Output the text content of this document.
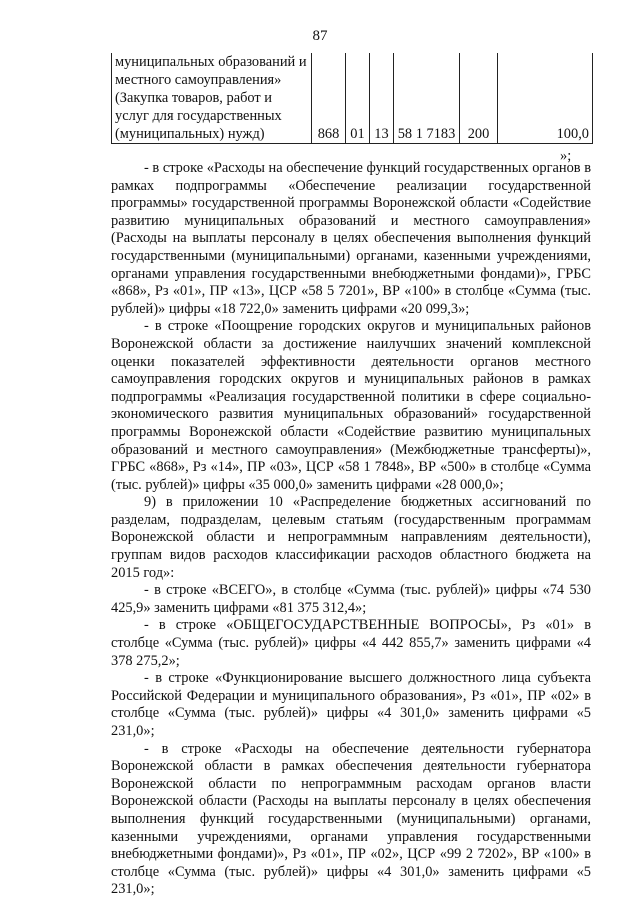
87
муниципальных образований и местного самоуправления» (Закупка товаров, работ и услуг для государственных (муниципальных) нужд)	868	01	13	58 1 7183	200	100,0
»;

- в строке «Расходы на обеспечение функций государственных органов в рамках подпрограммы «Обеспечение реализации государственной программы» государственной программы Воронежской области «Содействие развитию муниципальных образований и местного самоуправления» (Расходы на выплаты персоналу в целях обеспечения выполнения функций государственными (муниципальными) органами, казенными учреждениями, органами управления государственными внебюджетными фондами)», ГРБС «868», Рз «01», ПР «13», ЦСР «58 5 7201», ВР «100» в столбце «Сумма (тыс. рублей)» цифры «18 722,0» заменить цифрами «20 099,3»;

- в строке «Поощрение городских округов и муниципальных районов Воронежской области за достижение наилучших значений комплексной оценки показателей эффективности деятельности органов местного самоуправления городских округов и муниципальных районов в рамках подпрограммы «Реализация государственной политики в сфере социально-экономического развития муниципальных образований» государственной программы Воронежской области «Содействие развитию муниципальных образований и местного самоуправления» (Межбюджетные трансферты)», ГРБС «868», Рз «14», ПР «03», ЦСР «58 1 7848», ВР «500» в столбце «Сумма (тыс. рублей)» цифры «35 000,0» заменить цифрами «28 000,0»;

9) в приложении 10 «Распределение бюджетных ассигнований по разделам, подразделам, целевым статьям (государственным программам Воронежской области и непрограммным направлениям деятельности), группам видов расходов классификации расходов областного бюджета на 2015 год»:

- в строке «ВСЕГО», в столбце «Сумма (тыс. рублей)» цифры «74 530 425,9» заменить цифрами «81 375 312,4»;

- в строке «ОБЩЕГОСУДАРСТВЕННЫЕ ВОПРОСЫ», Рз «01» в столбце «Сумма (тыс. рублей)» цифры «4 442 855,7» заменить цифрами «4 378 275,2»;

- в строке «Функционирование высшего должностного лица субъекта Российской Федерации и муниципального образования», Рз «01», ПР «02» в столбце «Сумма (тыс. рублей)» цифры «4 301,0» заменить цифрами «5 231,0»;

- в строке «Расходы на обеспечение деятельности губернатора Воронежской области в рамках обеспечения деятельности губернатора Воронежской области по непрограммным расходам органов власти Воронежской области (Расходы на выплаты персоналу в целях обеспечения выполнения функций государственными (муниципальными) органами, казенными учреждениями, органами управления государственными внебюджетными фондами)», Рз «01», ПР «02», ЦСР «99 2 7202», ВР «100» в столбце «Сумма (тыс. рублей)» цифры «4 301,0» заменить цифрами «5 231,0»;
